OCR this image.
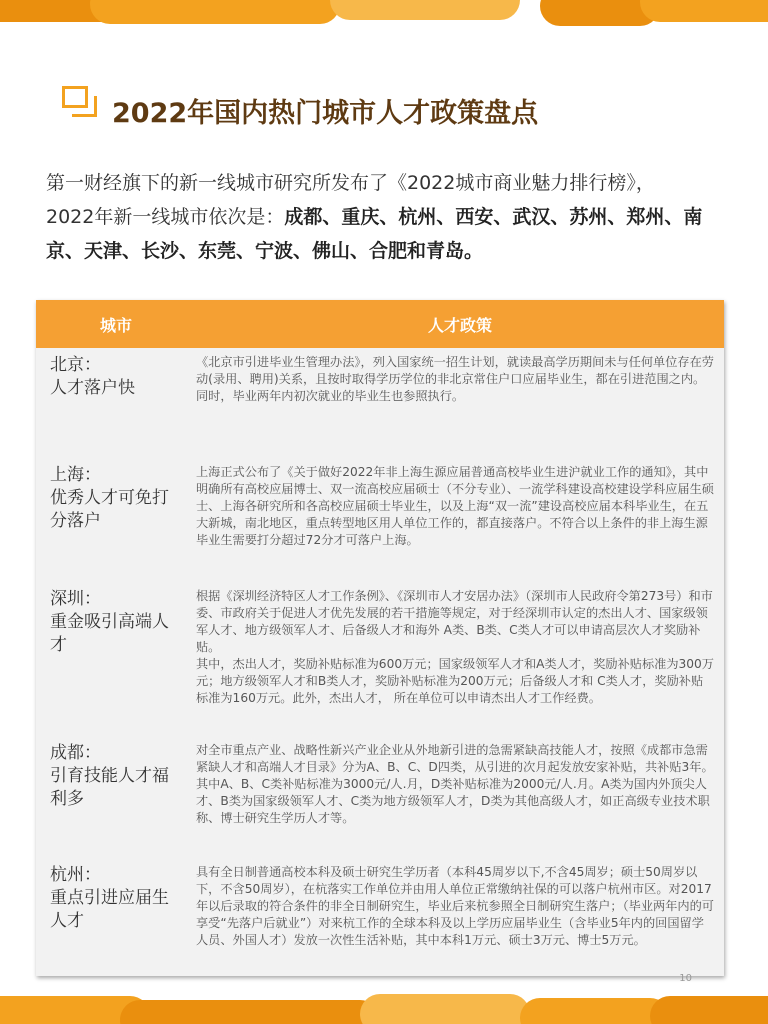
2022年国内热门城市人才政策盘点
第一财经旗下的新一线城市研究所发布了《2022城市商业魅力排行榜》，
2022年新一线城市依次是：成都、重庆、杭州、西安、武汉、苏州、郑州、南京、天津、长沙、东莞、宁波、佛山、合肥和青岛。
城市	人才政策
北京：
人才落户快
《北京市引进毕业生管理办法》，列入国家统一招生计划，就读最高学历期间未与任何单位存在劳动(录用、聘用)关系，且按时取得学历学位的非北京常住户口应届毕业生，都在引进范围之内。同时，毕业两年内初次就业的毕业生也参照执行。
上海：
优秀人才可免打分落户
上海正式公布了《关于做好2022年非上海生源应届普通高校毕业生进沪就业工作的通知》，其中明确所有高校应届博士、双一流高校应届硕士（不分专业）、一流学科建设高校建设学科应届生硕士、上海各研究所和各高校应届硕士毕业生，以及上海“双一流”建设高校应届本科毕业生，在五大新城，南北地区，重点转型地区用人单位工作的，都直接落户。不符合以上条件的非上海生源毕业生需要打分超过72分才可落户上海。
深圳：
重金吸引高端人才
根据《深圳经济特区人才工作条例》、《深圳市人才安居办法》（深圳市人民政府令第273号）和市委、市政府关于促进人才优先发展的若干措施等规定，对于经深圳市认定的杰出人才、国家级领军人才、地方级领军人才、后备级人才和海外 A类、B类、C类人才可以申请高层次人才奖励补贴。
其中，杰出人才，奖励补贴标准为600万元；国家级领军人才和A类人才，奖励补贴标准为300万元；地方级领军人才和B类人才，奖励补贴标准为200万元；后备级人才和 C类人才，奖励补贴标准为160万元。此外，杰出人才， 所在单位可以申请杰出人才工作经费。
成都：
引育技能人才福利多
对全市重点产业、战略性新兴产业企业从外地新引进的急需紧缺高技能人才，按照《成都市急需紧缺人才和高端人才目录》分为A、B、C、D四类，从引进的次月起发放安家补贴，共补贴3年。其中A、B、C类补贴标准为3000元/人.月，D类补贴标准为2000元/人.月。A类为国内外顶尖人才、B类为国家级领军人才、C类为地方级领军人才，D类为其他高级人才，如正高级专业技术职称、博士研究生学历人才等。
杭州：
重点引进应届生人才
具有全日制普通高校本科及硕士研究生学历者（本科45周岁以下,不含45周岁；硕士50周岁以下，不含50周岁），在杭落实工作单位并由用人单位正常缴纳社保的可以落户杭州市区。对2017年以后录取的符合条件的非全日制研究生，毕业后来杭参照全日制研究生落户；（毕业两年内的可享受“先落户后就业”）对来杭工作的全球本科及以上学历应届毕业生（含毕业5年内的回国留学人员、外国人才）发放一次性生活补贴，其中本科1万元、硕士3万元、博士5万元。
10
